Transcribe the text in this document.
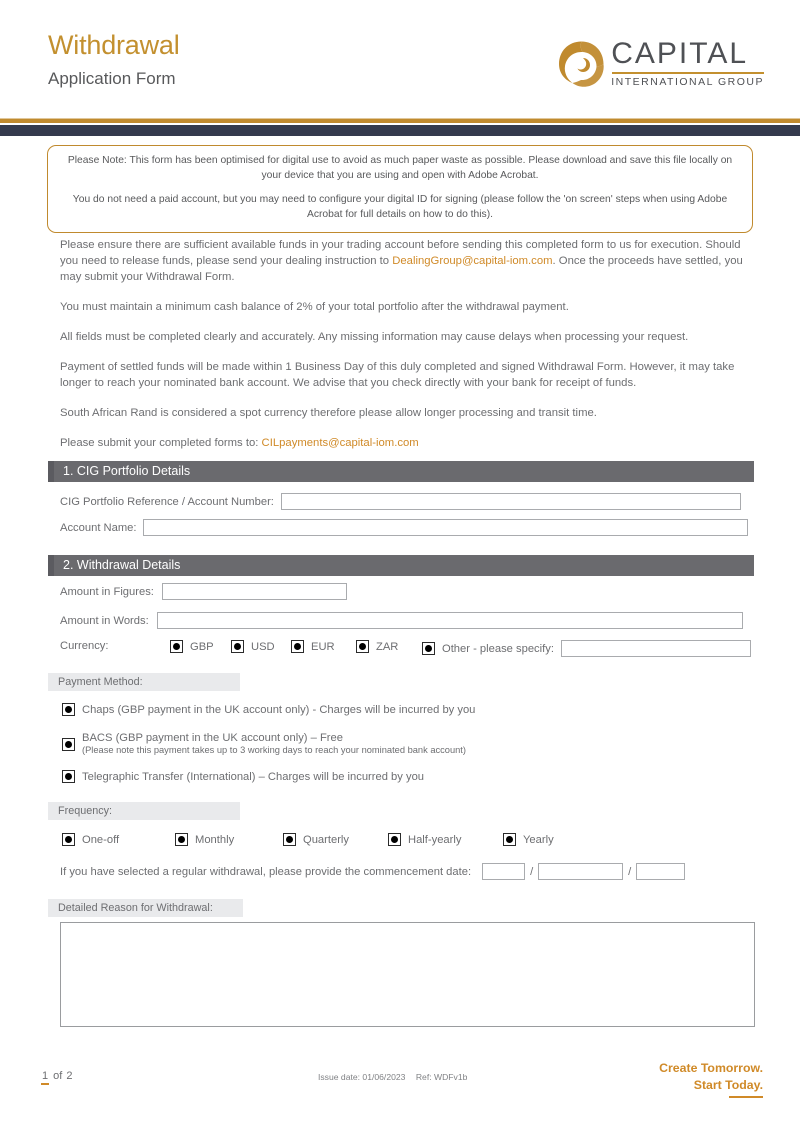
Withdrawal
Application Form
CAPITAL
INTERNATIONAL GROUP

Please Note: This form has been optimised for digital use to avoid as much paper waste as possible. Please download and save this file locally on your device that you are using and open with Adobe Acrobat.

You do not need a paid account, but you may need to configure your digital ID for signing (please follow the 'on screen' steps when using Adobe Acrobat for full details on how to do this).

Please ensure there are sufficient available funds in your trading account before sending this completed form to us for execution. Should you need to release funds, please send your dealing instruction to DealingGroup@capital-iom.com. Once the proceeds have settled, you may submit your Withdrawal Form.

You must maintain a minimum cash balance of 2% of your total portfolio after the withdrawal payment.

All fields must be completed clearly and accurately. Any missing information may cause delays when processing your request.

Payment of settled funds will be made within 1 Business Day of this duly completed and signed Withdrawal Form. However, it may take longer to reach your nominated bank account. We advise that you check directly with your bank for receipt of funds.

South African Rand is considered a spot currency therefore please allow longer processing and transit time.

Please submit your completed forms to: CILpayments@capital-iom.com

1. CIG Portfolio Details
CIG Portfolio Reference / Account Number:
Account Name:
2. Withdrawal Details
Amount in Figures:
Amount in Words:
Currency:	GBP	USD	EUR	ZAR	Other - please specify:
Payment Method:
Chaps (GBP payment in the UK account only) - Charges will be incurred by you
BACS (GBP payment in the UK account only) – Free
(Please note this payment takes up to 3 working days to reach your nominated bank account)
Telegraphic Transfer (International) – Charges will be incurred by you
Frequency:
One-off	Monthly	Quarterly	Half-yearly	Yearly
If you have selected a regular withdrawal, please provide the commencement date:	/	/
Detailed Reason for Withdrawal:
1 of 2	Issue date: 01/06/2023 Ref: WDFv1b
Create Tomorrow.
Start Today.
